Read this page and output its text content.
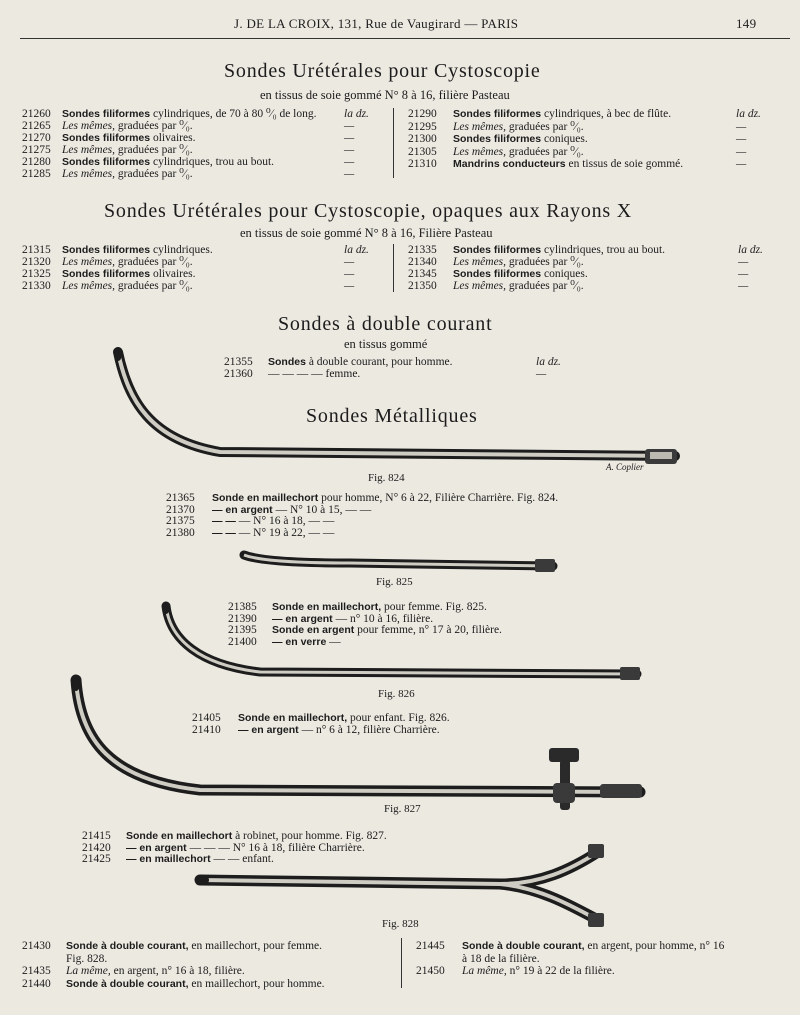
J. DE LA CROIX, 131, Rue de Vaugirard — PARIS	149
Sondes Urétérales pour Cystoscopie
en tissus de soie gommé N° 8 à 16, filière Pasteau
21260 Sondes filiformes cylindriques, de 70 à 80 ⁰⁄₀ de long. la dz.
21265 Les mêmes, graduées par ⁰⁄₀.	—
21270 Sondes filiformes olivaires.	—
21275 Les mêmes, graduées par ⁰⁄₀.	—
21280 Sondes filiformes cylindriques, trou au bout.	—
21285 Les mêmes, graduées par ⁰⁄₀.	—
21290 Sondes filiformes cylindriques, à bec de flûte.	la dz.
21295 Les mêmes, graduées par ⁰⁄₀.	—
21300 Sondes filiformes coniques.	—
21305 Les mêmes, graduées par ⁰⁄₀.	—
21310 Mandrins conducteurs en tissus de soie gommé.	—
Sondes Urétérales pour Cystoscopie, opaques aux Rayons X
en tissus de soie gommé N° 8 à 16, Filière Pasteau
21315 Sondes filiformes cylindriques.	la dz.
21320 Les mêmes, graduées par ⁰⁄₀.	—
21325 Sondes filiformes olivaires.	—
21330 Les mêmes, graduées par ⁰⁄₀.	—
21335 Sondes filiformes cylindriques, trou au bout.	la dz.
21340 Les mêmes, graduées par ⁰⁄₀.	—
21345 Sondes filiformes coniques.	—
21350 Les mêmes, graduées par ⁰⁄₀.	—
Sondes à double courant
en tissus gommé
21355 Sondes à double courant, pour homme.	la dz.
21360 — — — — femme.	—
Sondes Métalliques
A. Coplier
Fig. 824
21365 Sonde en maillechort pour homme, N° 6 à 22, Filière Charrière. Fig. 824.
21370 — en argent — N° 10 à 15, — —
21375 — — — N° 16 à 18, — —
21380 — — — N° 19 à 22, — —
Fig. 825
21385 Sonde en maillechort, pour femme. Fig. 825.
21390 — en argent — n° 10 à 16, filière.
21395 Sonde en argent pour femme, n° 17 à 20, filière.
21400 — en verre —
Fig. 826
21405 Sonde en maillechort, pour enfant. Fig. 826.
21410 — en argent — n° 6 à 12, filière Charrière.
Fig. 827
21415 Sonde en maillechort à robinet, pour homme. Fig. 827.
21420 — en argent — — — N° 16 à 18, filière Charrière.
21425 — en maillechort — — enfant.
Fig. 828
21430 Sonde à double courant, en maillechort, pour femme.
Fig. 828.
21435 La même, en argent, n° 16 à 18, filière.
21440 Sonde à double courant, en maillechort, pour homme.
21445 Sonde à double courant, en argent, pour homme, n° 16
à 18 de la filière.
21450 La même, n° 19 à 22 de la filière.
